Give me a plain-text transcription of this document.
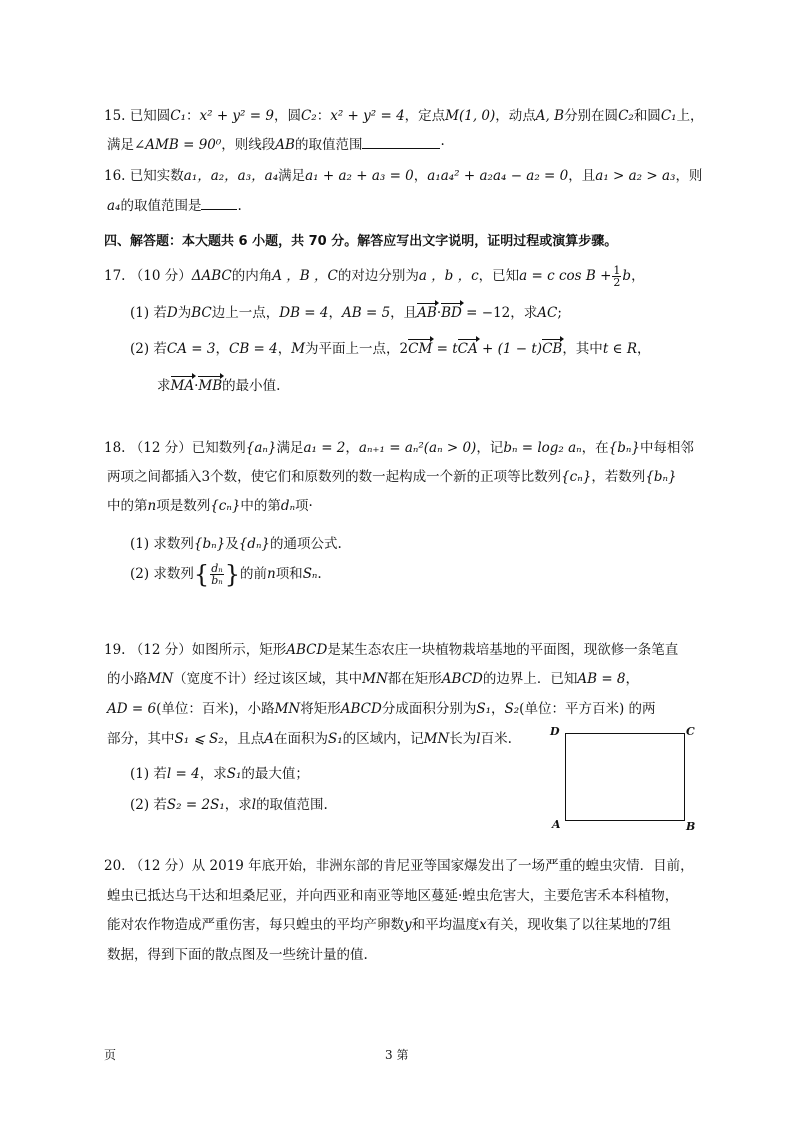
15. 已知圆C₁：x² + y² = 9，圆C₂：x² + y² = 4，定点M(1, 0)，动点A, B分别在圆C₂和圆C₁上，
满足∠AMB = 90⁰，则线段AB的取值范围	·
16. 已知实数a₁，a₂，a₃，a₄满足a₁ + a₂ + a₃ = 0，a₁a₄² + a₂a₄ − a₂ = 0，且a₁ > a₂ > a₃，则
a₄的取值范围是	.
四、解答题：本大题共 6 小题，共 70 分。解答应写出文字说明，证明过程或演算步骤。
17. （10 分）ΔABC的内角A ，B ，C的对边分别为a ，b ，c，已知a = c $\cos B + \frac{1}{2}$ b，
(1) 若D为BC边上一点，DB = 4，AB = 5，且AB·BD = −12，求AC;
(2) 若CA = 3，CB = 4，M为平面上一点，2CM = tCA + (1 − t)CB，其中t ∈ R，
求MA·MB的最小值.
18. （12 分）已知数列{aₙ}满足a₁ = 2，aₙ₊₁ = aₙ²(aₙ > 0)，记bₙ = log₂ aₙ，在{bₙ}中每相邻
两项之间都插入3个数，使它们和原数列的数一起构成一个新的正项等比数列{cₙ}，若数列{bₙ}
中的第n项是数列{cₙ}中的第dₙ项·
(1) 求数列{bₙ}及{dₙ}的通项公式.
(2) 求数列{ $\frac{\text{dₙ}}{\text{bₙ}}$ }的前n项和Sₙ.
19. （12 分）如图所示，矩形ABCD是某生态农庄一块植物栽培基地的平面图，现欲修一条笔直
的小路MN（宽度不计）经过该区域，其中MN都在矩形ABCD的边界上．已知AB = 8，
AD = 6(单位：百米)，小路MN将矩形ABCD分成面积分别为S₁，S₂(单位：平方百米) 的两
部分，其中S₁ ⩽ S₂，且点A在面积为S₁的区域内，记MN长为l百米.
(1) 若l = 4，求S₁的最大值；
(2) 若S₂ = 2S₁，求l的取值范围.
D	C
A	B
20. （12 分）从 2019 年底开始，非洲东部的肯尼亚等国家爆发出了一场严重的蝗虫灾情．目前，
蝗虫已抵达乌干达和坦桑尼亚，并向西亚和南亚等地区蔓延·蝗虫危害大，主要危害禾本科植物，
能对农作物造成严重伤害，每只蝗虫的平均产卵数y和平均温度x有关，现收集了以往某地的7组
数据，得到下面的散点图及一些统计量的值.
页	3 第
